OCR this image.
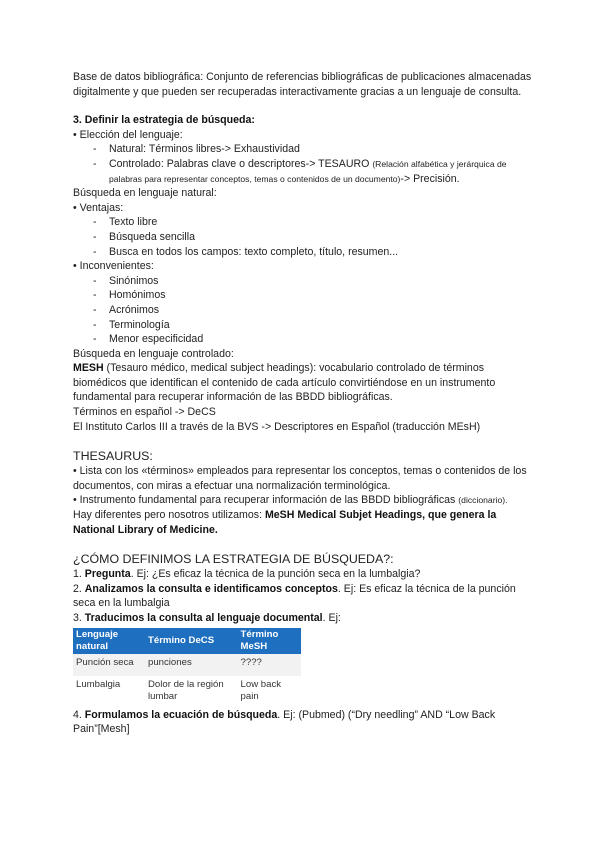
Base de datos bibliográfica: Conjunto de referencias bibliográficas de publicaciones almacenadas digitalmente y que pueden ser recuperadas interactivamente gracias a un lenguaje de consulta.

3. Definir la estrategia de búsqueda:

• Elección del lenguaje:

- Natural: Términos libres-> Exhaustividad

- Controlado: Palabras clave o descriptores-> TESAURO (Relación alfabética y jerárquica de palabras para representar conceptos, temas o contenidos de un documento)-> Precisión.

Búsqueda en lenguaje natural:

• Ventajas:

- Texto libre

- Búsqueda sencilla

- Busca en todos los campos: texto completo, título, resumen...

• Inconvenientes:

- Sinónimos

- Homónimos

- Acrónimos

- Terminología

- Menor especificidad

Búsqueda en lenguaje controlado:

MESH (Tesauro médico, medical subject headings): vocabulario controlado de términos biomédicos que identifican el contenido de cada artículo convirtiéndose en un instrumento fundamental para recuperar información de las BBDD bibliográficas.

Términos en español -> DeCS

El Instituto Carlos III a través de la BVS -> Descriptores en Español (traducción MEsH)

THESAURUS:

• Lista con los «términos» empleados para representar los conceptos, temas o contenidos de los documentos, con miras a efectuar una normalización terminológica.

• Instrumento fundamental para recuperar información de las BBDD bibliográficas (diccionario).

Hay diferentes pero nosotros utilizamos: MeSH Medical Subjet Headings, que genera la National Library of Medicine.

¿CÓMO DEFINIMOS LA ESTRATEGIA DE BÚSQUEDA?:

1. Pregunta. Ej: ¿Es eficaz la técnica de la punción seca en la lumbalgia?

2. Analizamos la consulta e identificamos conceptos. Ej: Es eficaz la técnica de la punción seca en la lumbalgia

3. Traducimos la consulta al lenguaje documental. Ej:

Lenguaje natural	Término DeCS	Término MeSH
Punción seca	punciones	????
Lumbalgia	Dolor de la región lumbar	Low back pain

4. Formulamos la ecuación de búsqueda. Ej: (Pubmed) (“Dry needling” AND “Low Back Pain”[Mesh]
